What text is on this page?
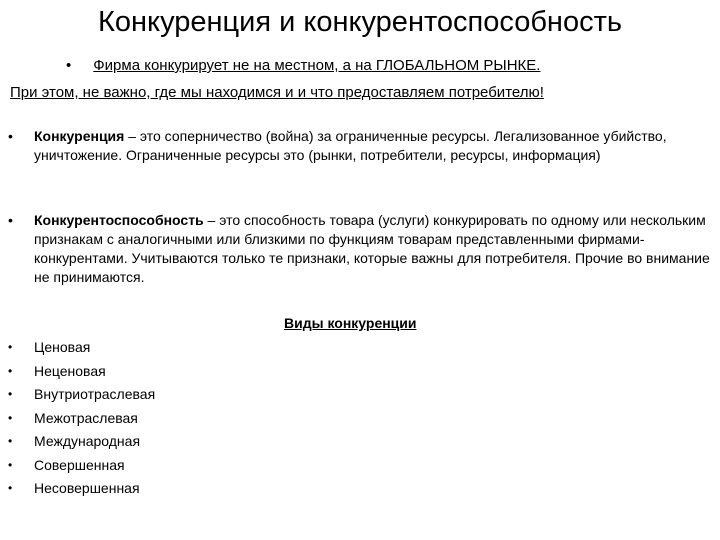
Конкуренция и конкурентоспособность
• Фирма конкурирует не на местном, а на ГЛОБАЛЬНОМ РЫНКЕ.
При этом, не важно, где мы находимся и и что предоставляем потребителю!
• Конкуренция – это соперничество (война) за ограниченные ресурсы. Легализованное убийство, уничтожение. Ограниченные ресурсы это (рынки, потребители, ресурсы, информация)
• Конкурентоспособность – это способность товара (услуги) конкурировать по одному или нескольким признакам с аналогичными или близкими по функциям товарам представленными фирмами-конкурентами. Учитываются только те признаки, которые важны для потребителя. Прочие во внимание не принимаются.
Виды конкуренции
• Ценовая
• Неценовая
• Внутриотраслевая
• Межотраслевая
• Международная
• Совершенная
• Несовершенная
